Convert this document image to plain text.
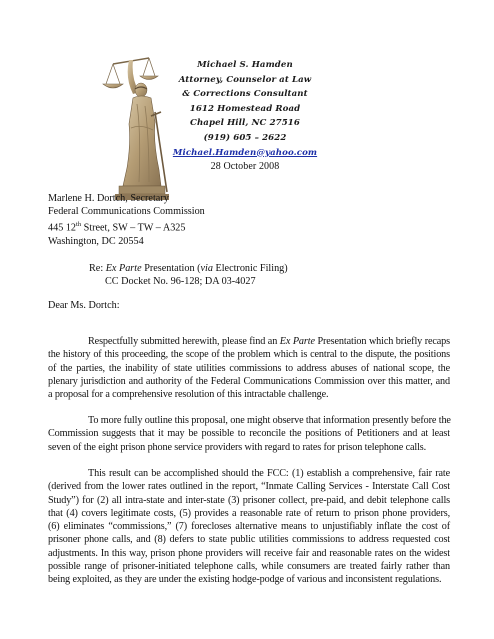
Michael S. Hamden
Attorney, Counselor at Law
& Corrections Consultant
1612 Homestead Road
Chapel Hill, NC 27516
(919) 605 – 2622
Michael.Hamden@yahoo.com
28 October 2008
Marlene H. Dortch, Secretary
Federal Communications Commission
445 12th Street, SW – TW – A325
Washington, DC 20554
Re: Ex Parte Presentation (via Electronic Filing)
CC Docket No. 96-128; DA 03-4027
Dear Ms. Dortch:
Respectfully submitted herewith, please find an Ex Parte Presentation which briefly recaps
the history of this proceeding, the scope of the problem which is central to the dispute, the positions
of the parties, the inability of state utilities commissions to address abuses of national scope, the
plenary jurisdiction and authority of the Federal Communications Commission over this matter, and
a proposal for a comprehensive resolution of this intractable challenge.
To more fully outline this proposal, one might observe that information presently before the
Commission suggests that it may be possible to reconcile the positions of Petitioners and at least
seven of the eight prison phone service providers with regard to rates for prison telephone calls.
This result can be accomplished should the FCC: (1) establish a comprehensive, fair rate
(derived from the lower rates outlined in the report, “Inmate Calling Services - Interstate Call Cost
Study”) for (2) all intra-state and inter-state (3) prisoner collect, pre-paid, and debit telephone calls
that (4) covers legitimate costs, (5) provides a reasonable rate of return to prison phone providers,
(6) eliminates “commissions,” (7) forecloses alternative means to unjustifiably inflate the cost of
prisoner phone calls, and (8) defers to state public utilities commissions to address requested cost
adjustments. In this way, prison phone providers will receive fair and reasonable rates on the widest
possible range of prisoner-initiated telephone calls, while consumers are treated fairly rather than
being exploited, as they are under the existing hodge-podge of various and inconsistent regulations.
